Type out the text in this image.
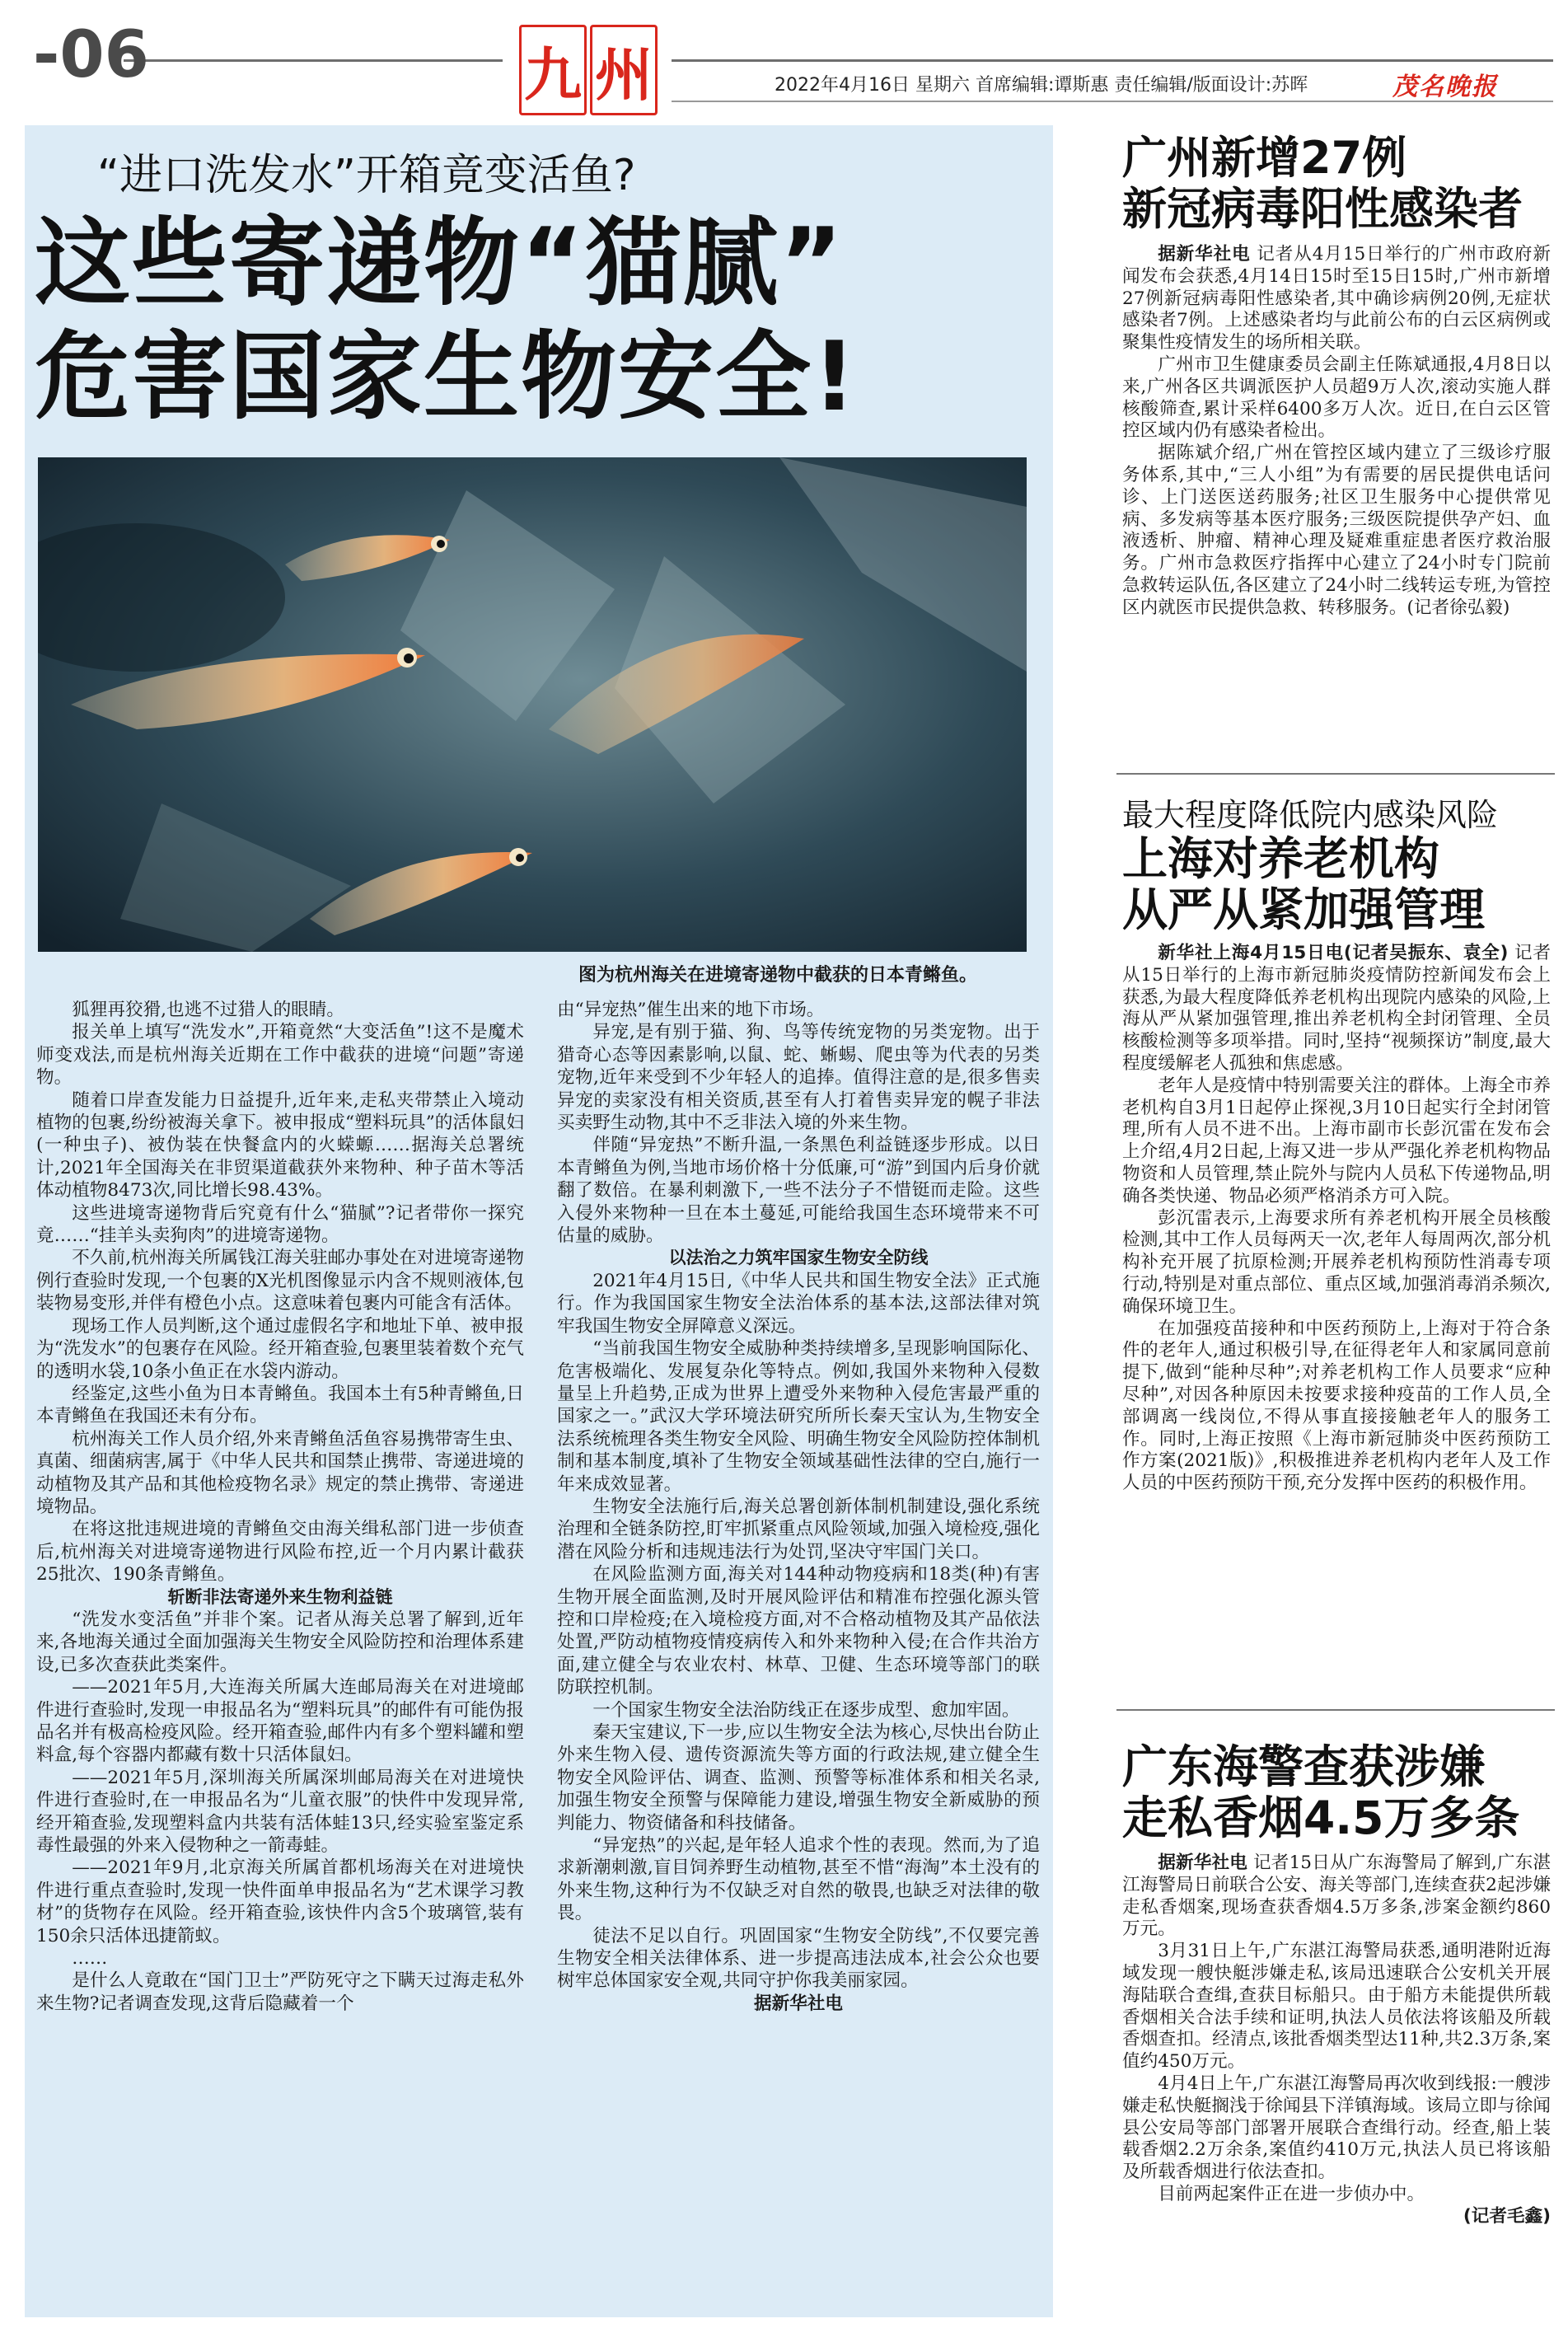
-06	九 州	2022年4月16日 星期六 首席编辑:谭斯惠 责任编辑/版面设计:苏晖	茂名晚报
“进口洗发水”开箱竟变活鱼?
这些寄递物“猫腻”
危害国家生物安全!
图为杭州海关在进境寄递物中截获的日本青鳉鱼。

狐狸再狡猾,也逃不过猎人的眼睛。

报关单上填写“洗发水”,开箱竟然“大变活鱼”!这不是魔术师变戏法,而是杭州海关近期在工作中截获的进境“问题”寄递物。

随着口岸查发能力日益提升,近年来,走私夹带禁止入境动植物的包裹,纷纷被海关拿下。被申报成“塑料玩具”的活体鼠妇(一种虫子)、被伪装在快餐盒内的火蝾螈……据海关总署统计,2021年全国海关在非贸渠道截获外来物种、种子苗木等活体动植物8473次,同比增长98.43%。

这些进境寄递物背后究竟有什么“猫腻”?记者带你一探究竟……“挂羊头卖狗肉”的进境寄递物。

不久前,杭州海关所属钱江海关驻邮办事处在对进境寄递物例行查验时发现,一个包裹的X光机图像显示内含不规则液体,包装物易变形,并伴有橙色小点。这意味着包裹内可能含有活体。

现场工作人员判断,这个通过虚假名字和地址下单、被申报为“洗发水”的包裹存在风险。经开箱查验,包裹里装着数个充气的透明水袋,10条小鱼正在水袋内游动。

经鉴定,这些小鱼为日本青鳉鱼。我国本土有5种青鳉鱼,日本青鳉鱼在我国还未有分布。

杭州海关工作人员介绍,外来青鳉鱼活鱼容易携带寄生虫、真菌、细菌病害,属于《中华人民共和国禁止携带、寄递进境的动植物及其产品和其他检疫物名录》规定的禁止携带、寄递进境物品。

在将这批违规进境的青鳉鱼交由海关缉私部门进一步侦查后,杭州海关对进境寄递物进行风险布控,近一个月内累计截获25批次、190条青鳉鱼。

斩断非法寄递外来生物利益链

“洗发水变活鱼”并非个案。记者从海关总署了解到,近年来,各地海关通过全面加强海关生物安全风险防控和治理体系建设,已多次查获此类案件。

——2021年5月,大连海关所属大连邮局海关在对进境邮件进行查验时,发现一申报品名为“塑料玩具”的邮件有可能伪报品名并有极高检疫风险。经开箱查验,邮件内有多个塑料罐和塑料盒,每个容器内都藏有数十只活体鼠妇。

——2021年5月,深圳海关所属深圳邮局海关在对进境快件进行查验时,在一申报品名为“儿童衣服”的快件中发现异常,经开箱查验,发现塑料盒内共装有活体蛙13只,经实验室鉴定系毒性最强的外来入侵物种之一箭毒蛙。

——2021年9月,北京海关所属首都机场海关在对进境快件进行重点查验时,发现一快件面单申报品名为“艺术课学习教材”的货物存在风险。经开箱查验,该快件内含5个玻璃管,装有150余只活体迅捷箭蚁。

……

是什么人竟敢在“国门卫士”严防死守之下瞒天过海走私外来生物?记者调查发现,这背后隐藏着一个

由“异宠热”催生出来的地下市场。

异宠,是有别于猫、狗、鸟等传统宠物的另类宠物。出于猎奇心态等因素影响,以鼠、蛇、蜥蜴、爬虫等为代表的另类宠物,近年来受到不少年轻人的追捧。值得注意的是,很多售卖异宠的卖家没有相关资质,甚至有人打着售卖异宠的幌子非法买卖野生动物,其中不乏非法入境的外来生物。

伴随“异宠热”不断升温,一条黑色利益链逐步形成。以日本青鳉鱼为例,当地市场价格十分低廉,可“游”到国内后身价就翻了数倍。在暴利刺激下,一些不法分子不惜铤而走险。这些入侵外来物种一旦在本土蔓延,可能给我国生态环境带来不可估量的威胁。

以法治之力筑牢国家生物安全防线

2021年4月15日,《中华人民共和国生物安全法》正式施行。作为我国国家生物安全法治体系的基本法,这部法律对筑牢我国生物安全屏障意义深远。

“当前我国生物安全威胁种类持续增多,呈现影响国际化、危害极端化、发展复杂化等特点。例如,我国外来物种入侵数量呈上升趋势,正成为世界上遭受外来物种入侵危害最严重的国家之一。”武汉大学环境法研究所所长秦天宝认为,生物安全法系统梳理各类生物安全风险、明确生物安全风险防控体制机制和基本制度,填补了生物安全领域基础性法律的空白,施行一年来成效显著。

生物安全法施行后,海关总署创新体制机制建设,强化系统治理和全链条防控,盯牢抓紧重点风险领域,加强入境检疫,强化潜在风险分析和违规违法行为处罚,坚决守牢国门关口。

在风险监测方面,海关对144种动物疫病和18类(种)有害生物开展全面监测,及时开展风险评估和精准布控强化源头管控和口岸检疫;在入境检疫方面,对不合格动植物及其产品依法处置,严防动植物疫情疫病传入和外来物种入侵;在合作共治方面,建立健全与农业农村、林草、卫健、生态环境等部门的联防联控机制。

一个国家生物安全法治防线正在逐步成型、愈加牢固。

秦天宝建议,下一步,应以生物安全法为核心,尽快出台防止外来生物入侵、遗传资源流失等方面的行政法规,建立健全生物安全风险评估、调查、监测、预警等标准体系和相关名录,加强生物安全预警与保障能力建设,增强生物安全新威胁的预判能力、物资储备和科技储备。

“异宠热”的兴起,是年轻人追求个性的表现。然而,为了追求新潮刺激,盲目饲养野生动植物,甚至不惜“海淘”本土没有的外来生物,这种行为不仅缺乏对自然的敬畏,也缺乏对法律的敬畏。

徒法不足以自行。巩固国家“生物安全防线”,不仅要完善生物安全相关法律体系、进一步提高违法成本,社会公众也要树牢总体国家安全观,共同守护你我美丽家园。

据新华社电

广州新增27例
新冠病毒阳性感染者

据新华社电 记者从4月15日举行的广州市政府新闻发布会获悉,4月14日15时至15日15时,广州市新增27例新冠病毒阳性感染者,其中确诊病例20例,无症状感染者7例。上述感染者均与此前公布的白云区病例或聚集性疫情发生的场所相关联。

广州市卫生健康委员会副主任陈斌通报,4月8日以来,广州各区共调派医护人员超9万人次,滚动实施人群核酸筛查,累计采样6400多万人次。近日,在白云区管控区域内仍有感染者检出。

据陈斌介绍,广州在管控区域内建立了三级诊疗服务体系,其中,“三人小组”为有需要的居民提供电话问诊、上门送医送药服务;社区卫生服务中心提供常见病、多发病等基本医疗服务;三级医院提供孕产妇、血液透析、肿瘤、精神心理及疑难重症患者医疗救治服务。广州市急救医疗指挥中心建立了24小时专门院前急救转运队伍,各区建立了24小时二线转运专班,为管控区内就医市民提供急救、转移服务。(记者徐弘毅)

最大程度降低院内感染风险
上海对养老机构
从严从紧加强管理

新华社上海4月15日电(记者吴振东、袁全) 记者从15日举行的上海市新冠肺炎疫情防控新闻发布会上获悉,为最大程度降低养老机构出现院内感染的风险,上海从严从紧加强管理,推出养老机构全封闭管理、全员核酸检测等多项举措。同时,坚持“视频探访”制度,最大程度缓解老人孤独和焦虑感。

老年人是疫情中特别需要关注的群体。上海全市养老机构自3月1日起停止探视,3月10日起实行全封闭管理,所有人员不进不出。上海市副市长彭沉雷在发布会上介绍,4月2日起,上海又进一步从严强化养老机构物品物资和人员管理,禁止院外与院内人员私下传递物品,明确各类快递、物品必须严格消杀方可入院。

彭沉雷表示,上海要求所有养老机构开展全员核酸检测,其中工作人员每两天一次,老年人每周两次,部分机构补充开展了抗原检测;开展养老机构预防性消毒专项行动,特别是对重点部位、重点区域,加强消毒消杀频次,确保环境卫生。

在加强疫苗接种和中医药预防上,上海对于符合条件的老年人,通过积极引导,在征得老年人和家属同意前提下,做到“能种尽种”;对养老机构工作人员要求“应种尽种”,对因各种原因未按要求接种疫苗的工作人员,全部调离一线岗位,不得从事直接接触老年人的服务工作。同时,上海正按照《上海市新冠肺炎中医药预防工作方案(2021版)》,积极推进养老机构内老年人及工作人员的中医药预防干预,充分发挥中医药的积极作用。

广东海警查获涉嫌
走私香烟4.5万多条

据新华社电 记者15日从广东海警局了解到,广东湛江海警局日前联合公安、海关等部门,连续查获2起涉嫌走私香烟案,现场查获香烟4.5万多条,涉案金额约860万元。

3月31日上午,广东湛江海警局获悉,通明港附近海域发现一艘快艇涉嫌走私,该局迅速联合公安机关开展海陆联合查缉,查获目标船只。由于船方未能提供所载香烟相关合法手续和证明,执法人员依法将该船及所载香烟查扣。经清点,该批香烟类型达11种,共2.3万条,案值约450万元。

4月4日上午,广东湛江海警局再次收到线报:一艘涉嫌走私快艇搁浅于徐闻县下洋镇海域。该局立即与徐闻县公安局等部门部署开展联合查缉行动。经查,船上装载香烟2.2万余条,案值约410万元,执法人员已将该船及所载香烟进行依法查扣。

目前两起案件正在进一步侦办中。

(记者毛鑫)
